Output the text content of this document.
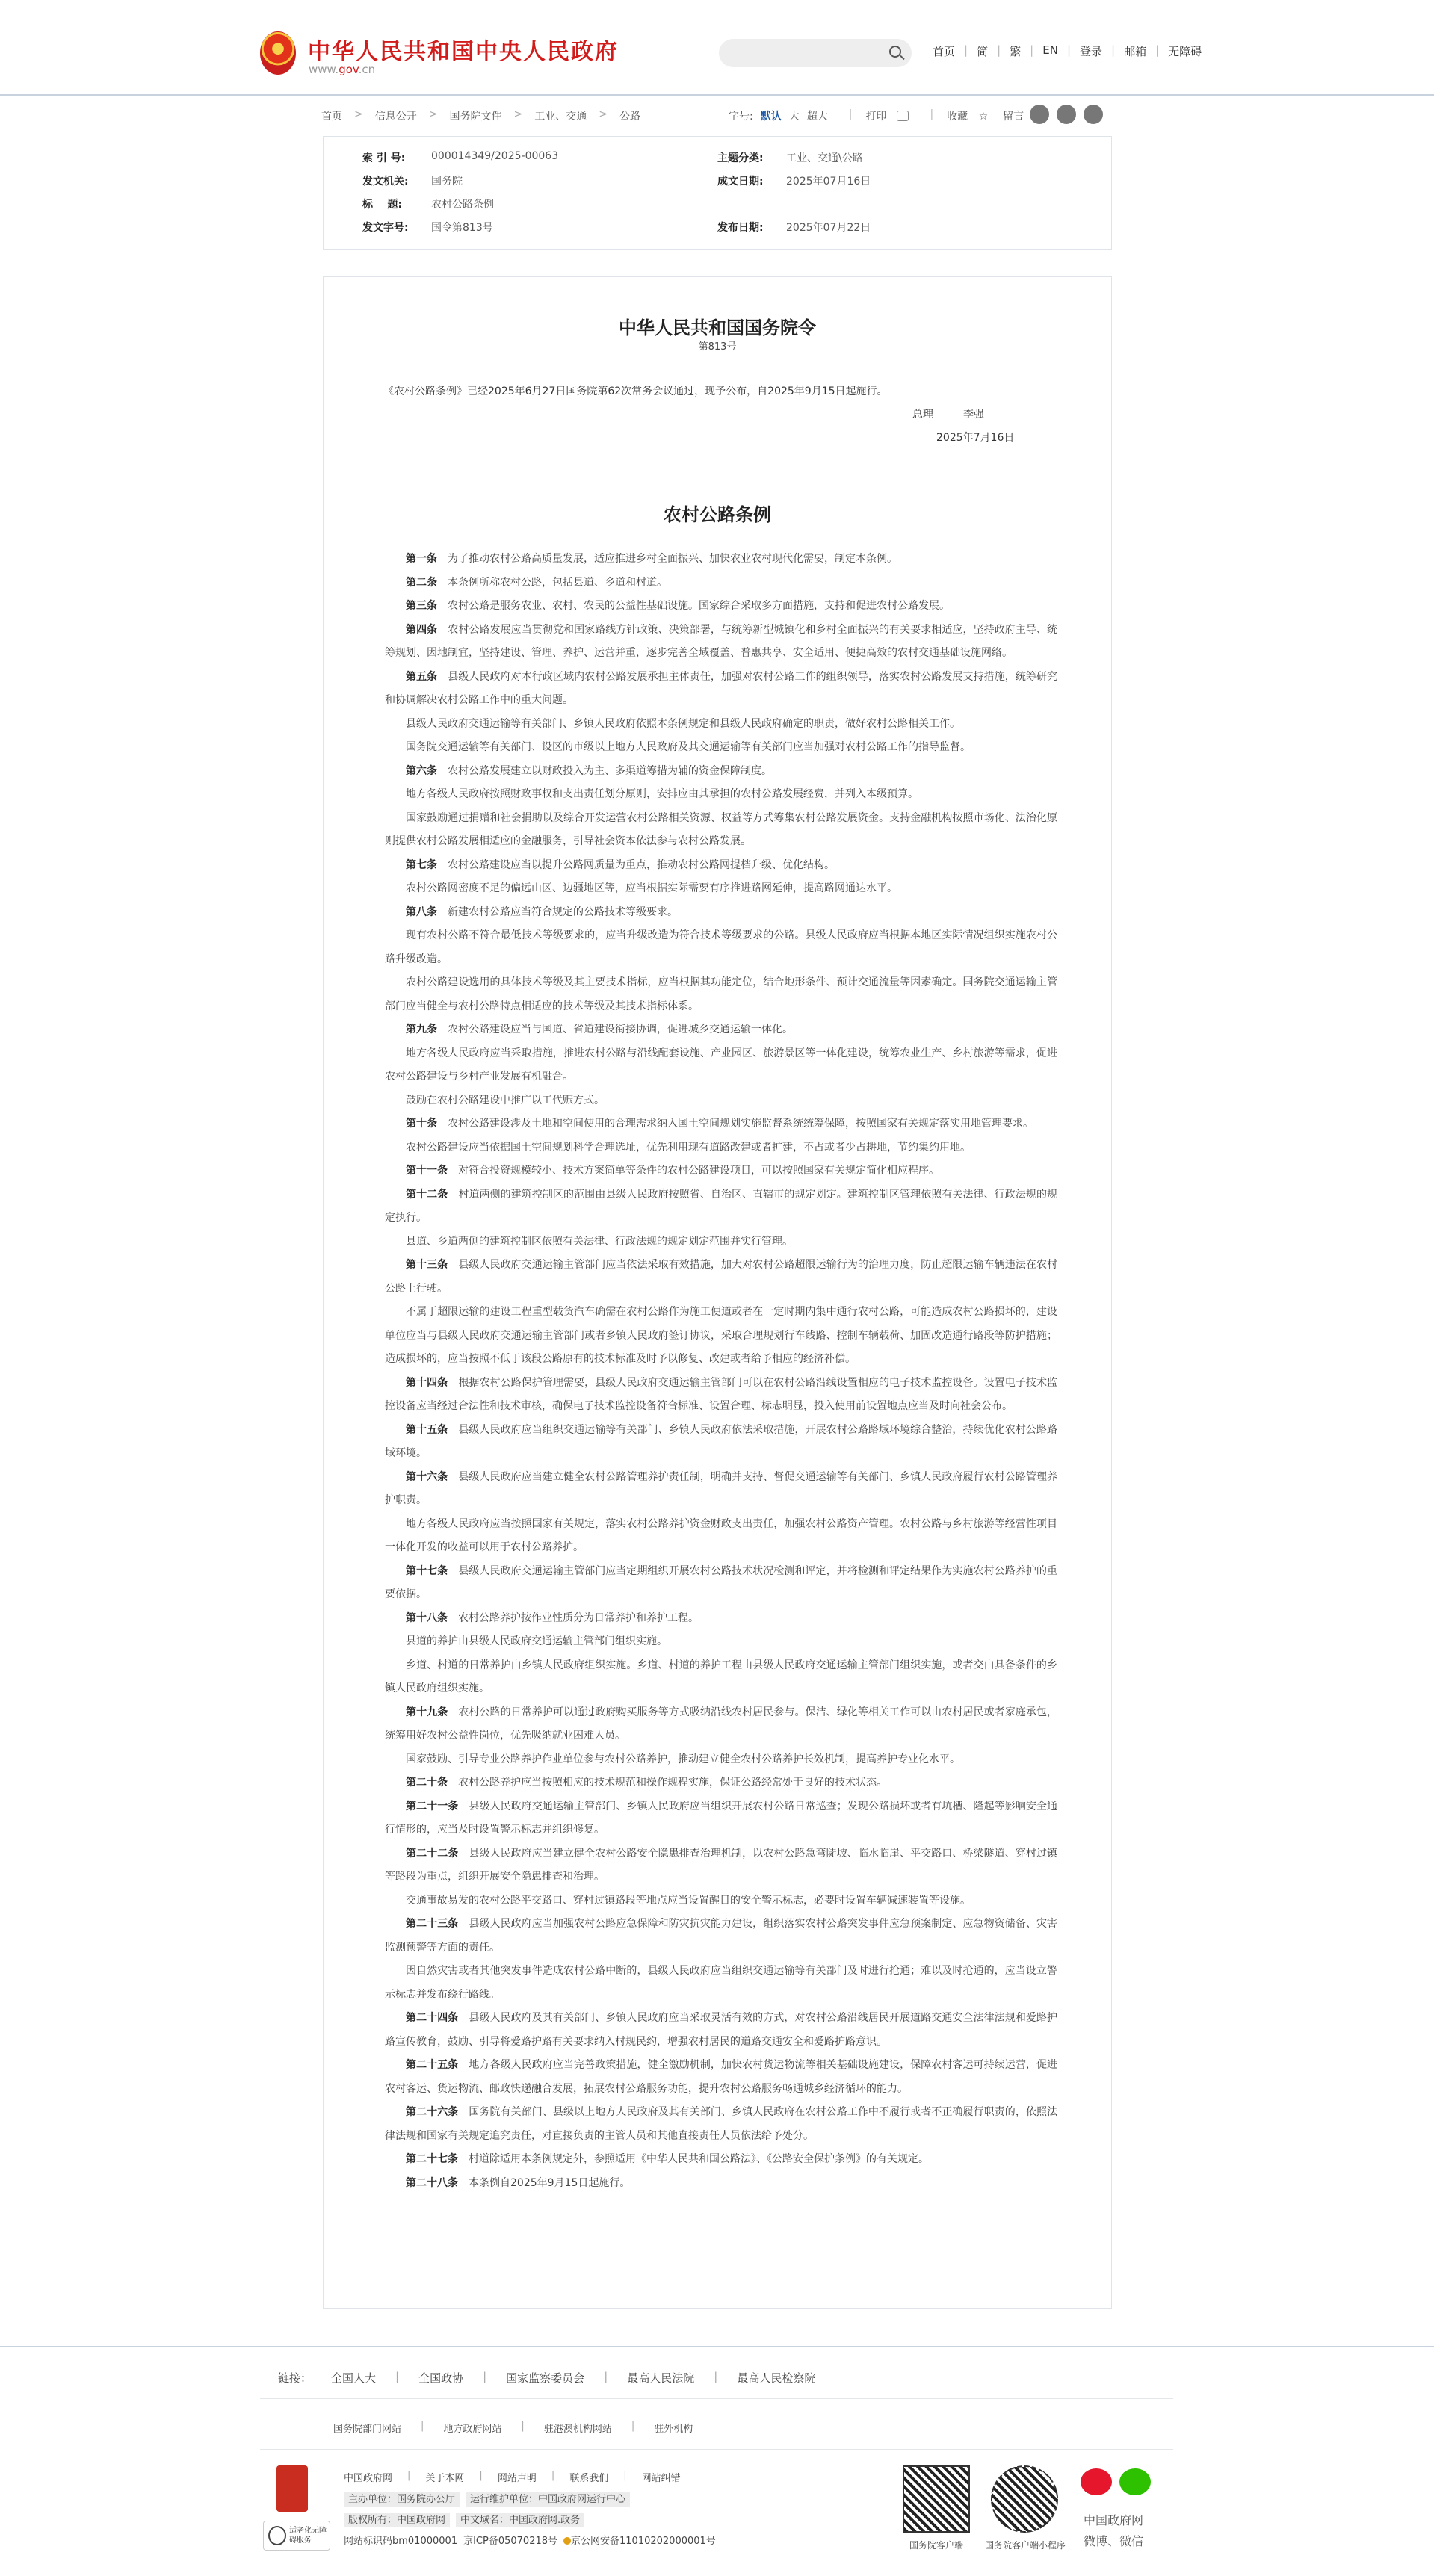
中华人民共和国中央人民政府
www.gov.cn
首页 | 简 | 繁 | EN | 登录 | 邮箱 | 无障碍
首页 > 信息公开 > 国务院文件 > 工业、交通 > 公路	字号: 默认 大 超大 | 打印	| 收藏 ☆	留言
索 引 号:	000014349/2025-00063	主题分类:	工业、交通\公路
发文机关:	国务院	成文日期:	2025年07月16日
标    题:	农村公路条例
发文字号:	国令第813号	发布日期:	2025年07月22日
中华人民共和国国务院令
第813号
《农村公路条例》已经2025年6月27日国务院第62次常务会议通过，现予公布，自2025年9月15日起施行。
总理	李强
2025年7月16日
农村公路条例

第一条　 为了推动农村公路高质量发展，适应推进乡村全面振兴、加快农业农村现代化需要，制定本条例。

第二条　 本条例所称农村公路，包括县道、乡道和村道。

第三条　 农村公路是服务农业、农村、农民的公益性基础设施。国家综合采取多方面措施，支持和促进农村公路发展。

第四条　 农村公路发展应当贯彻党和国家路线方针政策、决策部署，与统筹新型城镇化和乡村全面振兴的有关要求相适应，坚持政府主导、统筹规划、因地制宜，坚持建设、管理、养护、运营并重，逐步完善全域覆盖、普惠共享、安全适用、便捷高效的农村交通基础设施网络。

第五条　 县级人民政府对本行政区域内农村公路发展承担主体责任，加强对农村公路工作的组织领导，落实农村公路发展支持措施，统筹研究和协调解决农村公路工作中的重大问题。

县级人民政府交通运输等有关部门、乡镇人民政府依照本条例规定和县级人民政府确定的职责，做好农村公路相关工作。

国务院交通运输等有关部门、设区的市级以上地方人民政府及其交通运输等有关部门应当加强对农村公路工作的指导监督。

第六条　 农村公路发展建立以财政投入为主、多渠道筹措为辅的资金保障制度。

地方各级人民政府按照财政事权和支出责任划分原则，安排应由其承担的农村公路发展经费，并列入本级预算。

国家鼓励通过捐赠和社会捐助以及综合开发运营农村公路相关资源、权益等方式筹集农村公路发展资金。支持金融机构按照市场化、法治化原则提供农村公路发展相适应的金融服务，引导社会资本依法参与农村公路发展。

第七条　 农村公路建设应当以提升公路网质量为重点，推动农村公路网提档升级、优化结构。

农村公路网密度不足的偏远山区、边疆地区等，应当根据实际需要有序推进路网延伸，提高路网通达水平。

第八条　 新建农村公路应当符合规定的公路技术等级要求。

现有农村公路不符合最低技术等级要求的，应当升级改造为符合技术等级要求的公路。县级人民政府应当根据本地区实际情况组织实施农村公路升级改造。

农村公路建设选用的具体技术等级及其主要技术指标，应当根据其功能定位，结合地形条件、预计交通流量等因素确定。国务院交通运输主管部门应当健全与农村公路特点相适应的技术等级及其技术指标体系。

第九条　 农村公路建设应当与国道、省道建设衔接协调，促进城乡交通运输一体化。

地方各级人民政府应当采取措施，推进农村公路与沿线配套设施、产业园区、旅游景区等一体化建设，统筹农业生产、乡村旅游等需求，促进农村公路建设与乡村产业发展有机融合。

鼓励在农村公路建设中推广以工代赈方式。

第十条　 农村公路建设涉及土地和空间使用的合理需求纳入国土空间规划实施监督系统统筹保障，按照国家有关规定落实用地管理要求。

农村公路建设应当依据国土空间规划科学合理选址，优先利用现有道路改建或者扩建，不占或者少占耕地，节约集约用地。

第十一条　 对符合投资规模较小、技术方案简单等条件的农村公路建设项目，可以按照国家有关规定简化相应程序。

第十二条　 村道两侧的建筑控制区的范围由县级人民政府按照省、自治区、直辖市的规定划定。建筑控制区管理依照有关法律、行政法规的规定执行。

县道、乡道两侧的建筑控制区依照有关法律、行政法规的规定划定范围并实行管理。

第十三条　 县级人民政府交通运输主管部门应当依法采取有效措施，加大对农村公路超限运输行为的治理力度，防止超限运输车辆违法在农村公路上行驶。

不属于超限运输的建设工程重型载货汽车确需在农村公路作为施工便道或者在一定时期内集中通行农村公路，可能造成农村公路损坏的，建设单位应当与县级人民政府交通运输主管部门或者乡镇人民政府签订协议，采取合理规划行车线路、控制车辆载荷、加固改造通行路段等防护措施；造成损坏的，应当按照不低于该段公路原有的技术标准及时予以修复、改建或者给予相应的经济补偿。

第十四条　 根据农村公路保护管理需要，县级人民政府交通运输主管部门可以在农村公路沿线设置相应的电子技术监控设备。设置电子技术监控设备应当经过合法性和技术审核，确保电子技术监控设备符合标准、设置合理、标志明显，投入使用前设置地点应当及时向社会公布。

第十五条　 县级人民政府应当组织交通运输等有关部门、乡镇人民政府依法采取措施，开展农村公路路域环境综合整治，持续优化农村公路路域环境。

第十六条　 县级人民政府应当建立健全农村公路管理养护责任制，明确并支持、督促交通运输等有关部门、乡镇人民政府履行农村公路管理养护职责。

地方各级人民政府应当按照国家有关规定，落实农村公路养护资金财政支出责任，加强农村公路资产管理。农村公路与乡村旅游等经营性项目一体化开发的收益可以用于农村公路养护。

第十七条　 县级人民政府交通运输主管部门应当定期组织开展农村公路技术状况检测和评定，并将检测和评定结果作为实施农村公路养护的重要依据。

第十八条　 农村公路养护按作业性质分为日常养护和养护工程。

县道的养护由县级人民政府交通运输主管部门组织实施。

乡道、村道的日常养护由乡镇人民政府组织实施。乡道、村道的养护工程由县级人民政府交通运输主管部门组织实施，或者交由具备条件的乡镇人民政府组织实施。

第十九条　 农村公路的日常养护可以通过政府购买服务等方式吸纳沿线农村居民参与。保洁、绿化等相关工作可以由农村居民或者家庭承包，统筹用好农村公益性岗位，优先吸纳就业困难人员。

国家鼓励、引导专业公路养护作业单位参与农村公路养护，推动建立健全农村公路养护长效机制，提高养护专业化水平。

第二十条　 农村公路养护应当按照相应的技术规范和操作规程实施，保证公路经常处于良好的技术状态。

第二十一条　 县级人民政府交通运输主管部门、乡镇人民政府应当组织开展农村公路日常巡查；发现公路损坏或者有坑槽、隆起等影响安全通行情形的，应当及时设置警示标志并组织修复。

第二十二条　 县级人民政府应当建立健全农村公路安全隐患排查治理机制，以农村公路急弯陡坡、临水临崖、平交路口、桥梁隧道、穿村过镇等路段为重点，组织开展安全隐患排查和治理。

交通事故易发的农村公路平交路口、穿村过镇路段等地点应当设置醒目的安全警示标志，必要时设置车辆减速装置等设施。

第二十三条　 县级人民政府应当加强农村公路应急保障和防灾抗灾能力建设，组织落实农村公路突发事件应急预案制定、应急物资储备、灾害监测预警等方面的责任。

因自然灾害或者其他突发事件造成农村公路中断的，县级人民政府应当组织交通运输等有关部门及时进行抢通；难以及时抢通的，应当设立警示标志并发布绕行路线。

第二十四条　 县级人民政府及其有关部门、乡镇人民政府应当采取灵活有效的方式，对农村公路沿线居民开展道路交通安全法律法规和爱路护路宣传教育，鼓励、引导将爱路护路有关要求纳入村规民约，增强农村居民的道路交通安全和爱路护路意识。

第二十五条　 地方各级人民政府应当完善政策措施，健全激励机制，加快农村货运物流等相关基础设施建设，保障农村客运可持续运营，促进农村客运、货运物流、邮政快递融合发展，拓展农村公路服务功能，提升农村公路服务畅通城乡经济循环的能力。

第二十六条　 国务院有关部门、县级以上地方人民政府及其有关部门、乡镇人民政府在农村公路工作中不履行或者不正确履行职责的，依照法律法规和国家有关规定追究责任，对直接负责的主管人员和其他直接责任人员依法给予处分。

第二十七条　 村道除适用本条例规定外，参照适用《中华人民共和国公路法》、《公路安全保护条例》的有关规定。

第二十八条　 本条例自2025年9月15日起施行。

链接： 全国人大 | 全国政协 | 国家监察委员会 | 最高人民法院 | 最高人民检察院
国务院部门网站 | 地方政府网站 | 驻港澳机构网站 | 驻外机构
适老化无障碍服务
中国政府网 | 关于本网 | 网站声明 | 联系我们 | 网站纠错
主办单位：国务院办公厅 运行维护单位：中国政府网运行中心
版权所有：中国政府网 中文域名：中国政府网.政务
网站标识码bm01000001 京ICP备05070218号 京公网安备11010202000001号	国务院客户端	国务院客户端小程序
中国政府网
微博、微信
